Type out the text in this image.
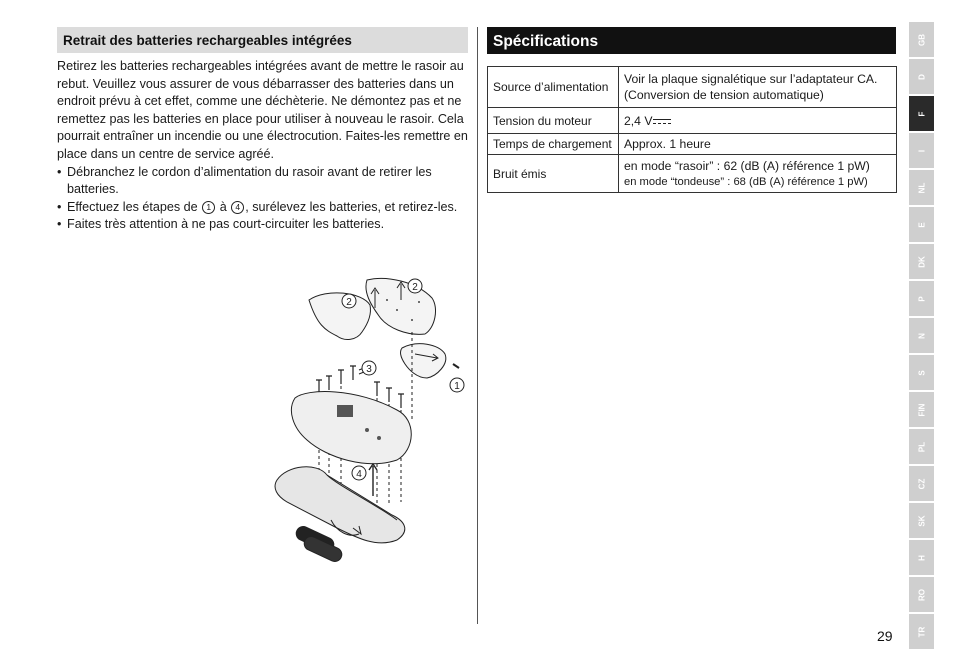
Retrait des batteries rechargeables intégrées

Retirez les batteries rechargeables intégrées avant de mettre le rasoir au rebut. Veuillez vous assurer de vous débarrasser des batteries dans un endroit prévu à cet effet, comme une déchèterie. Ne démontez pas et ne remettez pas les batteries en place pour utiliser à nouveau le rasoir. Cela pourrait entraîner un incendie ou une électrocution. Faites-les remettre en place dans un centre de service agréé.

• Débranchez le cordon d’alimentation du rasoir avant de retirer les batteries.
• Effectuez les étapes de 1 à 4 , surélevez les batteries, et retirez-les.
• Faites très attention à ne pas court-circuiter les batteries.
2
2
1
3
4
Spécifications
Source d’alimentation	Voir la plaque signalétique sur l’adaptateur CA.
(Conversion de tension automatique)

Tension du moteur	2,4 V
Temps de chargement	Approx. 1 heure
Bruit émis	en mode “rasoir” : 62 (dB (A) référence 1 pW)
en mode “tondeuse” : 68 (dB (A) référence 1 pW)
GB
D
F
I
NL
E
DK
P
N
S
FIN
PL
CZ
SK
H
RO
TR
29
